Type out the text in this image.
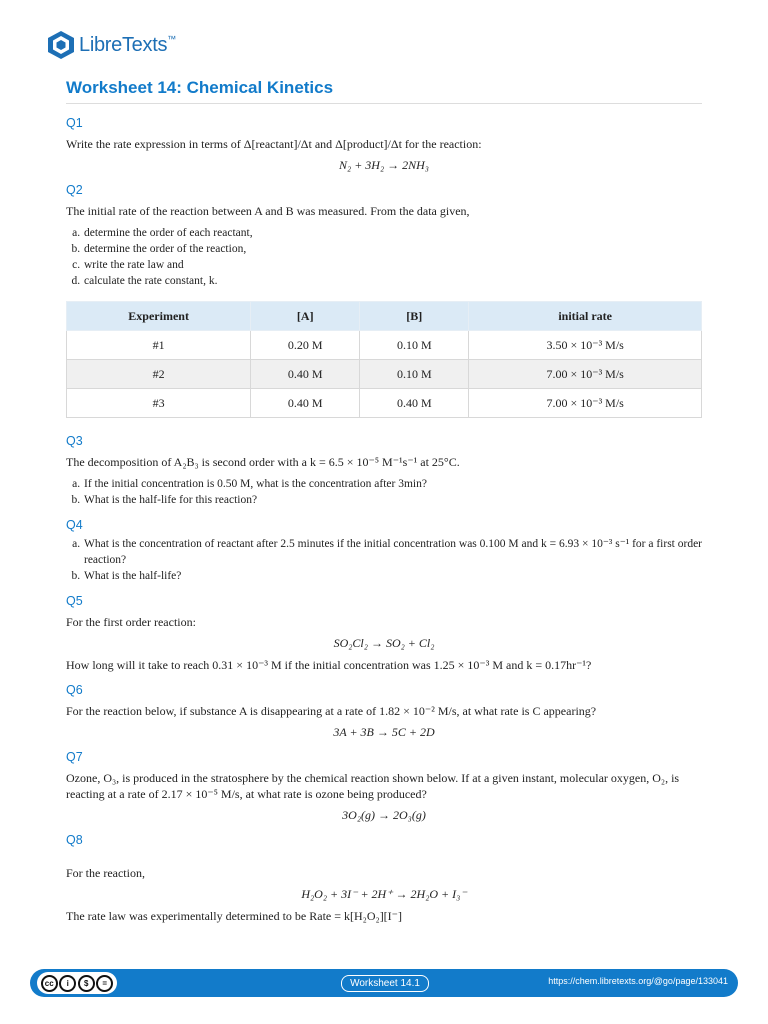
LibreTexts™
Worksheet 14: Chemical Kinetics
Q1

Write the rate expression in terms of Δ[reactant]/Δt and Δ[product]/Δt for the reaction:

N₂ + 3H₂ → 2NH₃
Q2

The initial rate of the reaction between A and B was measured. From the data given,

a. determine the order of each reactant,
b. determine the order of the reaction,
c. write the rate law and
d. calculate the rate constant, k.
Experiment	[A]	[B]	initial rate
#1	0.20 M	0.10 M	3.50 × 10⁻³ M/s
#2	0.40 M	0.10 M	7.00 × 10⁻³ M/s
#3	0.40 M	0.40 M	7.00 × 10⁻³ M/s
Q3

The decomposition of A₂B₃ is second order with a k = 6.5 × 10⁻⁵ M⁻¹s⁻¹ at 25°C.

a. If the initial concentration is 0.50 M, what is the concentration after 3min?
b. What is the half-life for this reaction?
Q4
a. What is the concentration of reactant after 2.5 minutes if the initial concentration was 0.100 M and k = 6.93 × 10⁻³ s⁻¹ for a first order reaction?
b. What is the half-life?
Q5

For the first order reaction:

SO₂Cl₂ → SO₂ + Cl₂

How long will it take to reach 0.31 × 10⁻³ M if the initial concentration was 1.25 × 10⁻³ M and k = 0.17hr⁻¹?

Q6

For the reaction below, if substance A is disappearing at a rate of 1.82 × 10⁻² M/s, at what rate is C appearing?

3A + 3B → 5C + 2D
Q7

Ozone, O₃, is produced in the stratosphere by the chemical reaction shown below. If at a given instant, molecular oxygen, O₂, is reacting at a rate of 2.17 × 10⁻⁵ M/s, at what rate is ozone being produced?

3O₂(g) → 2O₃(g)
Q8

For the reaction,

H₂O₂ + 3I⁻ + 2H⁺ → 2H₂O + I₃⁻

The rate law was experimentally determined to be Rate = k[H₂O₂][I⁻]

cc	i	$	=	Worksheet 14.1	https://chem.libretexts.org/@go/page/133041
